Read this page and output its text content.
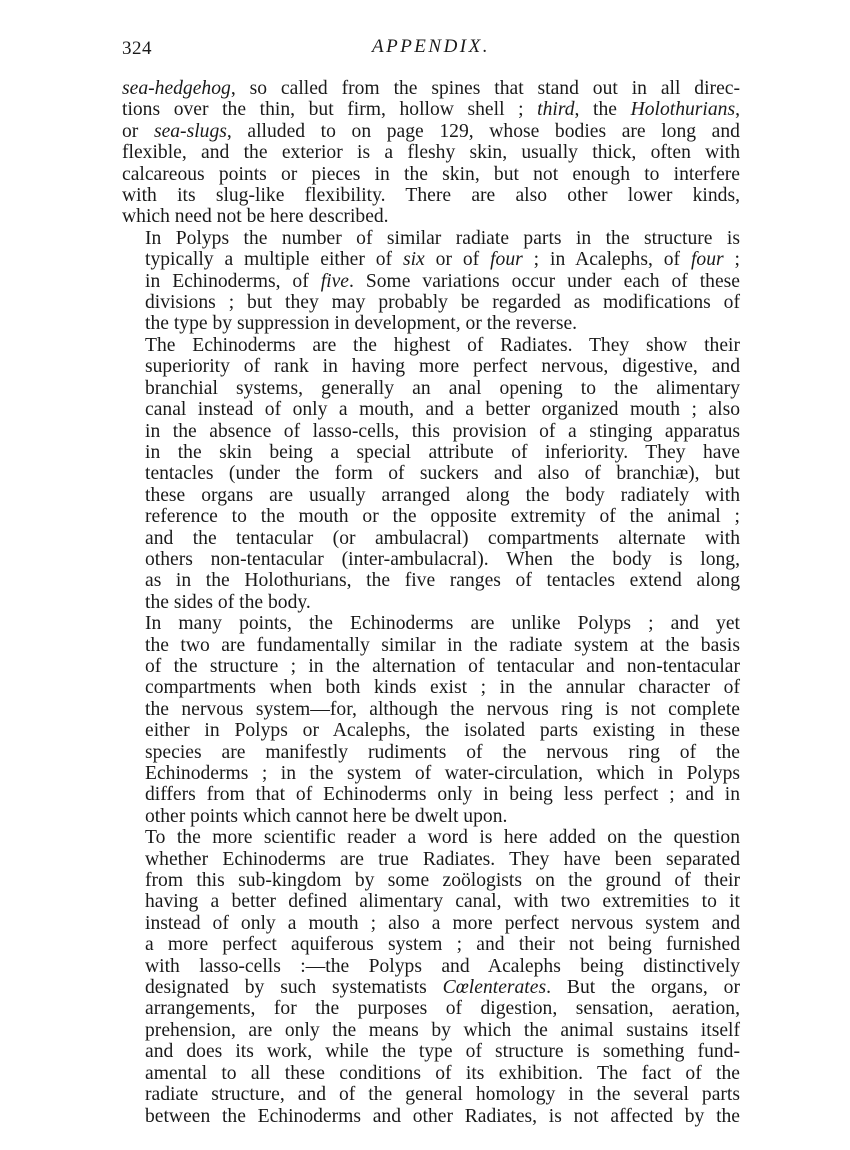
324	APPENDIX.

sea-hedgehog, so called from the spines that stand out in all direc-
tions over the thin, but firm, hollow shell ; third, the Holothurians,
or sea-slugs, alluded to on page 129, whose bodies are long and
flexible, and the exterior is a fleshy skin, usually thick, often with
calcareous points or pieces in the skin, but not enough to interfere
with its slug-like flexibility. There are also other lower kinds,
which need not be here described.

In Polyps the number of similar radiate parts in the structure is
typically a multiple either of six or of four ; in Acalephs, of four ;
in Echinoderms, of five. Some variations occur under each of these
divisions ; but they may probably be regarded as modifications of
the type by suppression in development, or the reverse.

The Echinoderms are the highest of Radiates. They show their
superiority of rank in having more perfect nervous, digestive, and
branchial systems, generally an anal opening to the alimentary
canal instead of only a mouth, and a better organized mouth ; also
in the absence of lasso-cells, this provision of a stinging apparatus
in the skin being a special attribute of inferiority. They have
tentacles (under the form of suckers and also of branchiæ), but
these organs are usually arranged along the body radiately with
reference to the mouth or the opposite extremity of the animal ;
and the tentacular (or ambulacral) compartments alternate with
others non-tentacular (inter-ambulacral). When the body is long,
as in the Holothurians, the five ranges of tentacles extend along
the sides of the body.

In many points, the Echinoderms are unlike Polyps ; and yet
the two are fundamentally similar in the radiate system at the basis
of the structure ; in the alternation of tentacular and non-tentacular
compartments when both kinds exist ; in the annular character of
the nervous system—for, although the nervous ring is not complete
either in Polyps or Acalephs, the isolated parts existing in these
species are manifestly rudiments of the nervous ring of the
Echinoderms ; in the system of water-circulation, which in Polyps
differs from that of Echinoderms only in being less perfect ; and in
other points which cannot here be dwelt upon.

To the more scientific reader a word is here added on the question
whether Echinoderms are true Radiates. They have been separated
from this sub-kingdom by some zoölogists on the ground of their
having a better defined alimentary canal, with two extremities to it
instead of only a mouth ; also a more perfect nervous system and
a more perfect aquiferous system ; and their not being furnished
with lasso-cells :—the Polyps and Acalephs being distinctively
designated by such systematists Cœlenterates. But the organs, or
arrangements, for the purposes of digestion, sensation, aeration,
prehension, are only the means by which the animal sustains itself
and does its work, while the type of structure is something fund-
amental to all these conditions of its exhibition. The fact of the
radiate structure, and of the general homology in the several parts
between the Echinoderms and other Radiates, is not affected by the
